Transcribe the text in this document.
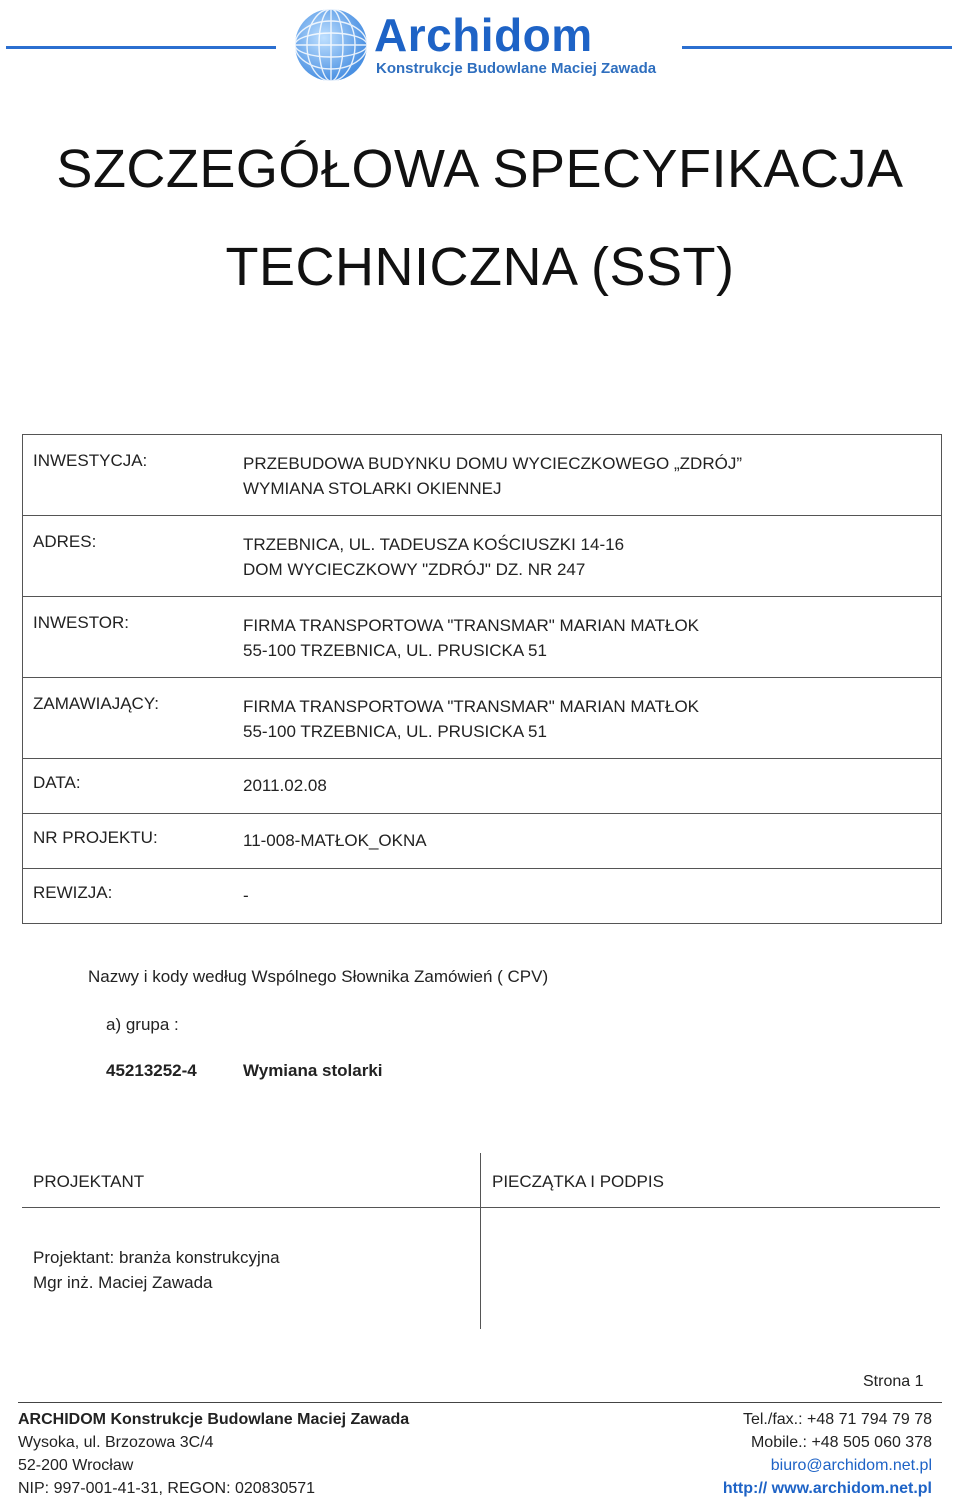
Archidom
Konstrukcje Budowlane Maciej Zawada
SZCZEGÓŁOWA SPECYFIKACJA
TECHNICZNA (SST)
INWESTYCJA:	PRZEBUDOWA BUDYNKU DOMU WYCIECZKOWEGO „ZDRÓJ”
WYMIANA STOLARKI OKIENNEJ
ADRES:	TRZEBNICA, UL. TADEUSZA KOŚCIUSZKI 14-16
DOM WYCIECZKOWY "ZDRÓJ" DZ. NR 247
INWESTOR:	FIRMA TRANSPORTOWA "TRANSMAR" MARIAN MATŁOK
55-100 TRZEBNICA, UL. PRUSICKA 51
ZAMAWIAJĄCY:	FIRMA TRANSPORTOWA "TRANSMAR" MARIAN MATŁOK
55-100 TRZEBNICA, UL. PRUSICKA 51
DATA:	2011.02.08
NR PROJEKTU:	11-008-MATŁOK_OKNA
REWIZJA:	-
Nazwy i kody według Wspólnego Słownika Zamówień ( CPV)
a) grupa :
45213252-4	Wymiana stolarki
PROJEKTANT	PIECZĄTKA I PODPIS
Projektant: branża konstrukcyjna
Mgr inż. Maciej Zawada
Strona 1
ARCHIDOM Konstrukcje Budowlane Maciej Zawada
Wysoka, ul. Brzozowa 3C/4
52-200 Wrocław
NIP: 997-001-41-31, REGON: 020830571
Tel./fax.: +48 71 794 79 78
Mobile.: +48 505 060 378
biuro@archidom.net.pl
http:// www.archidom.net.pl
